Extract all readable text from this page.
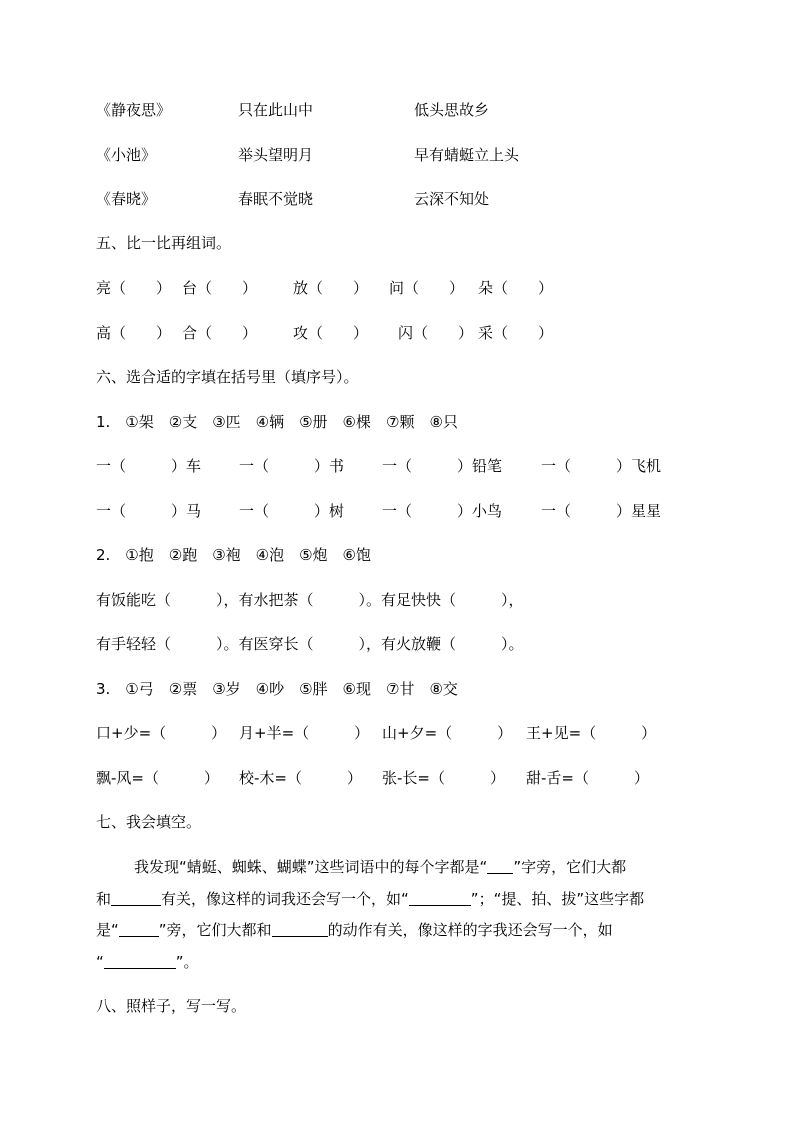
《静夜思》	只在此山中	低头思故乡
《小池》	举头望明月	早有蜻蜓立上头
《春晓》	春眠不觉晓	云深不知处
五、比一比再组词。
亮（　　） 台（　　） 放（　　） 问（　　） 朵（　　）
高（　　） 合（　　） 攻（　　） 闪（　　） 采（　　）
六、选合适的字填在括号里（填序号）。
1.　①架　②支　③匹　④辆　⑤册　⑥棵　⑦颗　⑧只
一（　　　）车	一（　　　）书	一（　　　）铅笔	一（　　　）飞机
一（　　　）马	一（　　　）树	一（　　　）小鸟	一（　　　）星星
2.　①抱　②跑　③袍　④泡　⑤炮　⑥饱
有饭能吃（　　　），有水把茶（　　　）。有足快快（　　　），
有手轻轻（　　　）。有医穿长（　　　），有火放鞭（　　　）。
3.　①弓　②票　③岁　④吵　⑤胖　⑥现　⑦甘　⑧交
口+少=（　　　） 月+半=（　　　） 山+夕=（　　　） 王+见=（　　　）
飘-风=（　　　） 校-木=（　　　） 张-长=（　　　） 甜-舌=（　　　）
七、我会填空。
我发现“蜻蜓、蜘蛛、蝴蝶”这些词语中的每个字都是“ ”字旁，它们大都
和	有关，像这样的词我还会写一个，如“	”；“提、拍、拔”这些字都
是“	”旁，它们大都和	的动作有关，像这样的字我还会写一个，如
“	”。
八、照样子，写一写。
